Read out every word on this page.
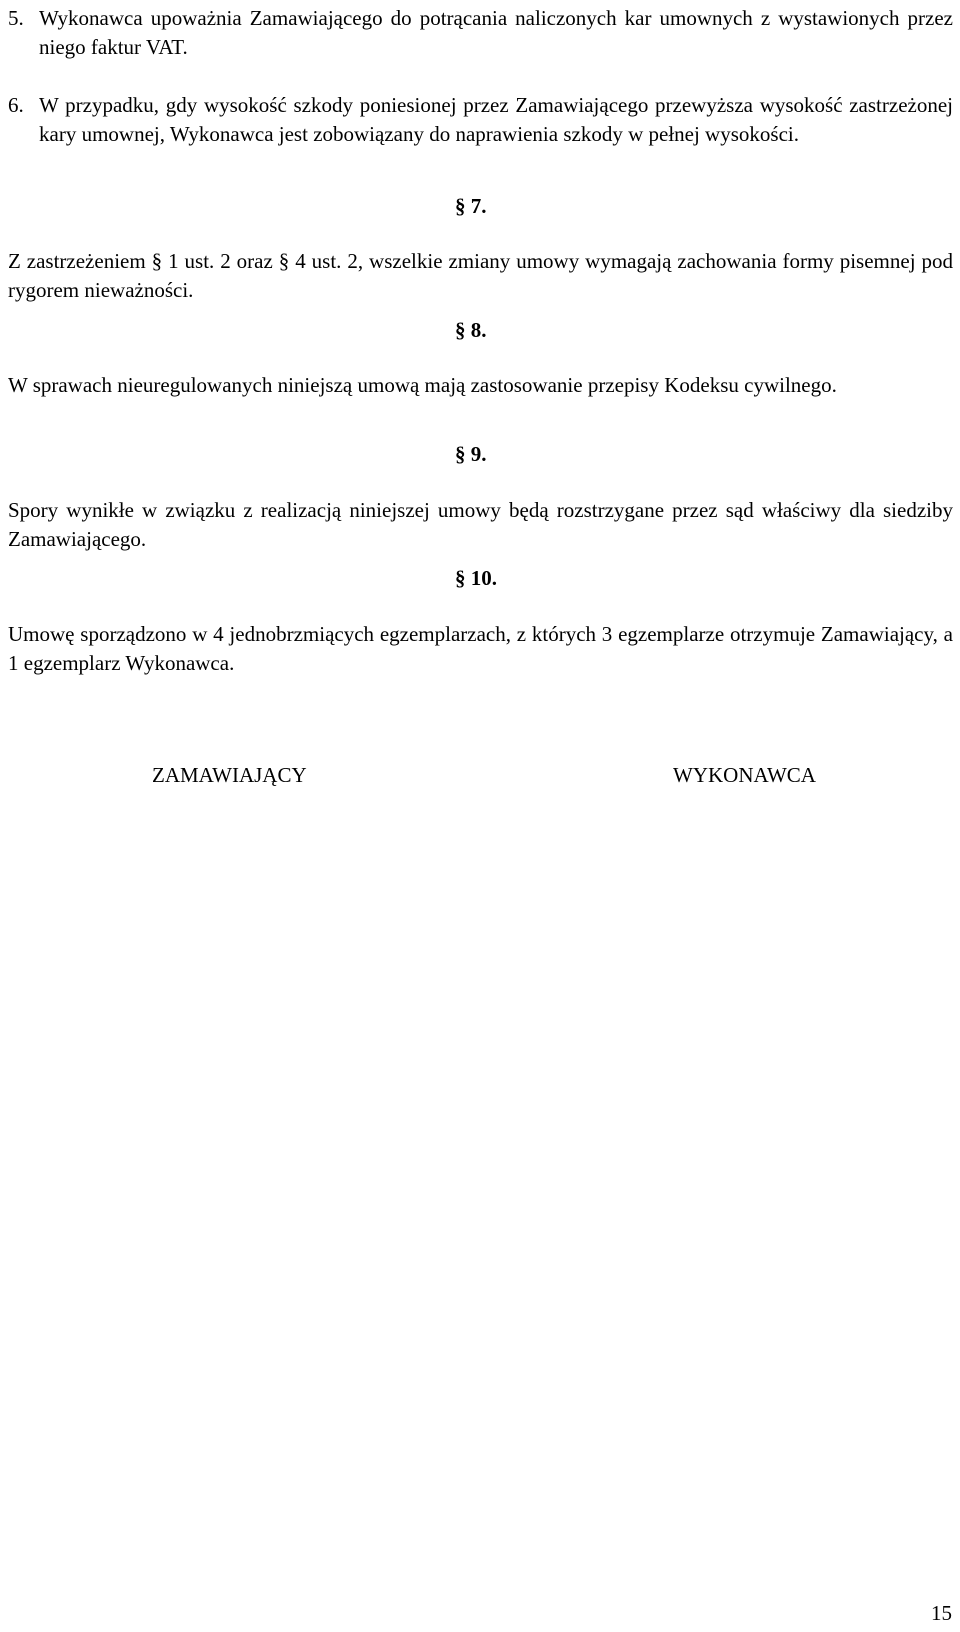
5. Wykonawca upoważnia Zamawiającego do potrącania naliczonych kar umownych z wystawionych przez niego faktur VAT.
6. W przypadku, gdy wysokość szkody poniesionej przez Zamawiającego przewyższa wysokość zastrzeżonej kary umownej, Wykonawca jest zobowiązany do naprawienia szkody w pełnej wysokości.
§ 7.
Z zastrzeżeniem § 1 ust. 2 oraz § 4 ust. 2, wszelkie zmiany umowy wymagają zachowania formy pisemnej pod rygorem nieważności.
§ 8.
W sprawach nieuregulowanych niniejszą umową mają zastosowanie przepisy Kodeksu cywilnego.
§ 9.
Spory wynikłe w związku z realizacją niniejszej umowy będą rozstrzygane przez sąd właściwy dla siedziby Zamawiającego.
§ 10.
Umowę sporządzono w 4 jednobrzmiących egzemplarzach, z których 3 egzemplarze otrzymuje Zamawiający, a 1 egzemplarz Wykonawca.
ZAMAWIAJĄCY	WYKONAWCA
15
